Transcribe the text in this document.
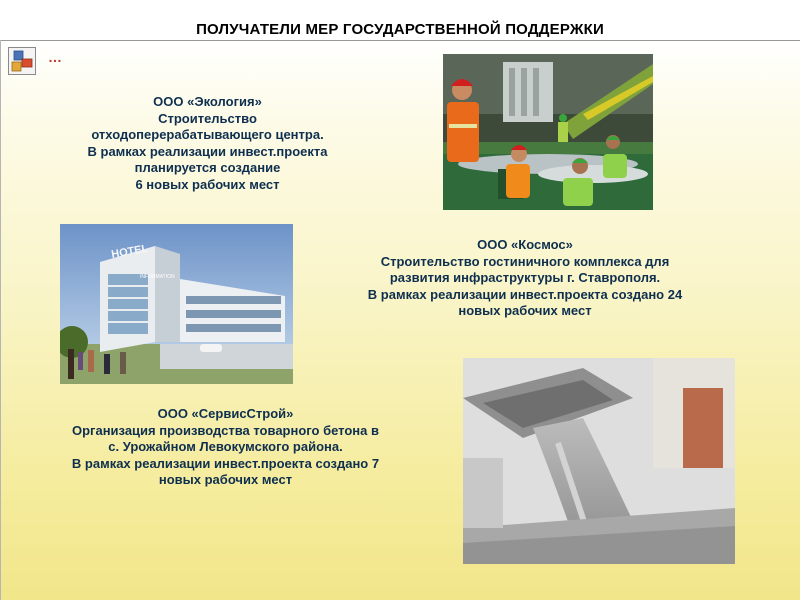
ПОЛУЧАТЕЛИ МЕР ГОСУДАРСТВЕННОЙ ПОДДЕРЖКИ
…
ООО «Экология»
Строительство
отходоперерабатывающего центра.
В рамках реализации инвест.проекта
планируется создание
6 новых рабочих мест
ООО «Космос»
Строительство гостиничного комплекса для
развития инфраструктуры г. Ставрополя.
В рамках реализации инвест.проекта создано 24
новых рабочих мест
ООО «СервисСтрой»
Организация производства товарного бетона в
с. Урожайном Левокумского района.
В рамках реализации инвест.проекта создано 7
новых рабочих мест
HOTEL
INFORMATION
